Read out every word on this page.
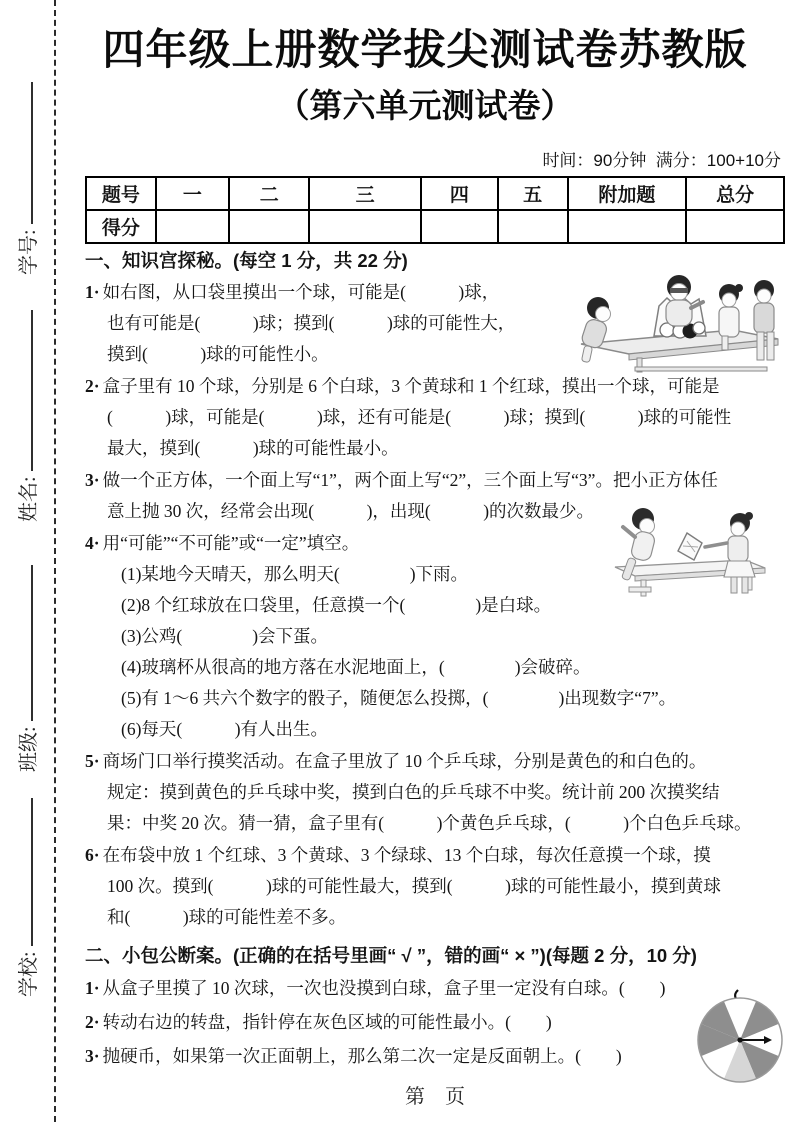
学号:
姓名:
班级:
学校:
四年级上册数学拔尖测试卷苏教版
（第六单元测试卷）
时间：90分钟  满分：100+10分
题号	一	二	三	四	五	附加题	总分
得分							
一、知识宫探秘。(每空 1 分，共 22 分)
1· 如右图，从口袋里摸出一个球，可能是(　　　)球，
也有可能是(　　　)球；摸到(　　　)球的可能性大，
摸到(　　　)球的可能性小。
2· 盒子里有 10 个球，分别是 6 个白球，3 个黄球和 1 个红球，摸出一个球，可能是
(　　　)球，可能是(　　　)球，还有可能是(　　　)球；摸到(　　　)球的可能性
最大，摸到(　　　)球的可能性最小。
3· 做一个正方体，一个面上写“1”，两个面上写“2”，三个面上写“3”。把小正方体任
意上抛 30 次，经常会出现(　　　)，出现(　　　)的次数最少。
4· 用“可能”“不可能”或“一定”填空。
(1)某地今天晴天，那么明天(　　　　)下雨。
(2)8 个红球放在口袋里，任意摸一个(　　　　)是白球。
(3)公鸡(　　　　)会下蛋。
(4)玻璃杯从很高的地方落在水泥地面上，(　　　　)会破碎。
(5)有 1～6 共六个数字的骰子，随便怎么投掷，(　　　　)出现数字“7”。
(6)每天(　　　)有人出生。
5· 商场门口举行摸奖活动。在盒子里放了 10 个乒乓球，分别是黄色的和白色的。
规定：摸到黄色的乒乓球中奖，摸到白色的乒乓球不中奖。统计前 200 次摸奖结
果：中奖 20 次。猜一猜，盒子里有(　　　)个黄色乒乓球，(　　　)个白色乒乓球。
6· 在布袋中放 1 个红球、3 个黄球、3 个绿球、13 个白球，每次任意摸一个球，摸
100 次。摸到(　　　)球的可能性最大，摸到(　　　)球的可能性最小，摸到黄球
和(　　　)球的可能性差不多。
二、小包公断案。(正确的在括号里画“ √ ”，错的画“ × ”)(每题 2 分，10 分)
1· 从盒子里摸了 10 次球，一次也没摸到白球，盒子里一定没有白球。(　　)
2· 转动右边的转盘，指针停在灰色区域的可能性最小。(　　)
3· 抛硬币，如果第一次正面朝上，那么第二次一定是反面朝上。(　　)
第　页
